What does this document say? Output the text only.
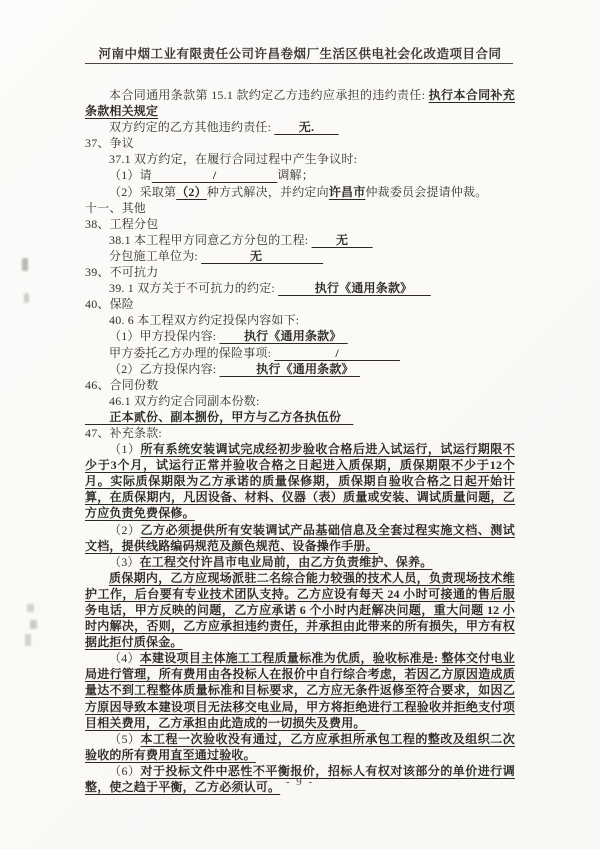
河南中烟工业有限责任公司许昌卷烟厂生活区供电社会化改造项目合同

本合同通用条款第 15.1 款约定乙方违约应承担的违约责任: 执行本合同补充条款相关规定

双方约定的乙方其他违约责任: 　　无.　　

37、争议

37.1 双方约定，在履行合同过程中产生争议时:

（1）请　　　　　/　　　　　调解；

（2）采取第（2）种方式解决，并约定向许昌市仲裁委员会提请仲裁。

十一、其他

38、工程分包

38.1 本工程甲方同意乙方分包的工程: 　　无　　

分包施工单位为: 　　　　无　　　　　

39、不可抗力

39. 1 双方关于不可抗力的约定: 　　　执行《通用条款》　　

40、保险

40. 6 本工程双方约定投保内容如下:

（1）甲方投保内容: 　　执行《通用条款》　

甲方委托乙方办理的保险事项: 　　　　　/　　　　　

（2）乙方投保内容: 　　　执行《通用条款》　

46、合同份数

46.1 双方约定合同副本份数:

　　正本贰份、副本捌份，甲方与乙方各执伍份　

47、补充条款:

（1）所有系统安装调试完成经初步验收合格后进入试运行，试运行期限不少于3个月，试运行正常并验收合格之日起进入质保期，质保期限不少于12个月。实际质保期限为乙方承诺的质量保修期，质保期自验收合格之日起开始计算，在质保期内，凡因设备、材料、仪器（表）质量或安装、调试质量问题，乙方应负责免费保修。

（2）乙方必须提供所有安装调试产品基础信息及全套过程实施文档、测试文档，提供线路编码规范及颜色规范、设备操作手册。

（3）在工程交付许昌市电业局前，由乙方负责维护、保养。

质保期内，乙方应现场派驻二名综合能力较强的技术人员，负责现场技术维护工作，后台要有专业技术团队支持。乙方应设有每天 24 小时可接通的售后服务电话，甲方反映的问题，乙方应承诺 6 个小时内赶解决问题，重大问题 12 小时内解决，否则，乙方应承担违约责任，并承担由此带来的所有损失，甲方有权据此拒付质保金。

（4）本建设项目主体施工工程质量标准为优质，验收标准是: 整体交付电业局进行管理，所有费用由各投标人在报价中自行综合考虑，若因乙方原因造成质量达不到工程整体质量标准和目标要求，乙方应无条件返修至符合要求，如因乙方原因导致本建设项目无法移交电业局，甲方将拒绝进行工程验收并拒绝支付项目相关费用，乙方承担由此造成的一切损失及费用。

（5）本工程一次验收没有通过，乙方应承担所承包工程的整改及组织二次验收的所有费用直至通过验收。

（6）对于投标文件中恶性不平衡报价，招标人有权对该部分的单价进行调整，使之趋于平衡，乙方必须认可。 - 9 -
